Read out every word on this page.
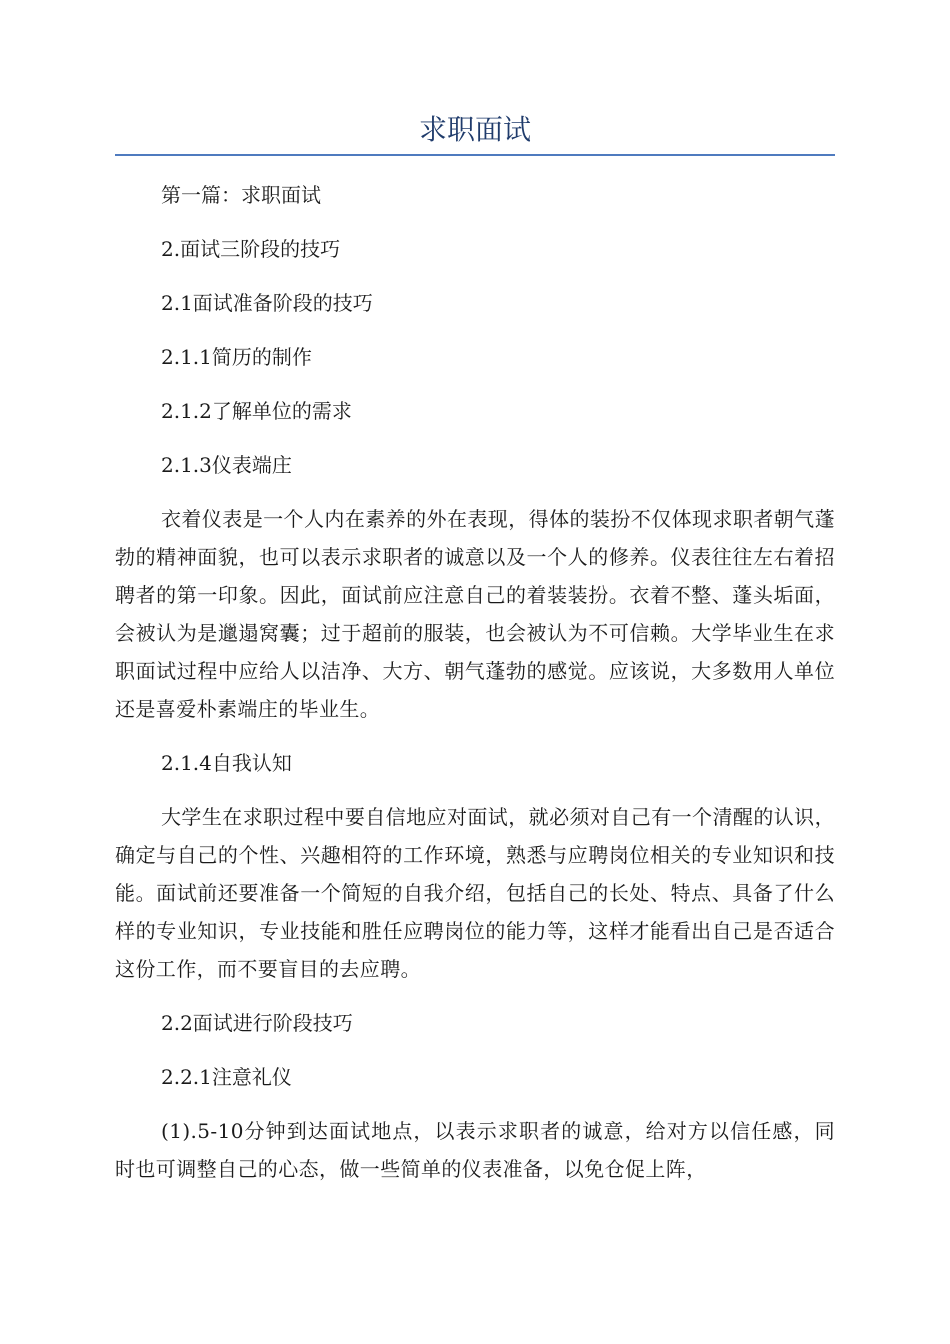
求职面试

第一篇：求职面试

2.面试三阶段的技巧

2.1面试准备阶段的技巧

2.1.1简历的制作

2.1.2了解单位的需求

2.1.3仪表端庄

衣着仪表是一个人内在素养的外在表现，得体的装扮不仅体现求职者朝气蓬勃的精神面貌，也可以表示求职者的诚意以及一个人的修养。仪表往往左右着招聘者的第一印象。因此，面试前应注意自己的着装装扮。衣着不整、蓬头垢面，会被认为是邋遢窝囊；过于超前的服装，也会被认为不可信赖。大学毕业生在求职面试过程中应给人以洁净、大方、朝气蓬勃的感觉。应该说，大多数用人单位还是喜爱朴素端庄的毕业生。

2.1.4自我认知

大学生在求职过程中要自信地应对面试，就必须对自己有一个清醒的认识，确定与自己的个性、兴趣相符的工作环境，熟悉与应聘岗位相关的专业知识和技能。面试前还要准备一个简短的自我介绍，包括自己的长处、特点、具备了什么样的专业知识，专业技能和胜任应聘岗位的能力等，这样才能看出自己是否适合这份工作，而不要盲目的去应聘。

2.2面试进行阶段技巧

2.2.1注意礼仪

(1).5-10分钟到达面试地点，以表示求职者的诚意，给对方以信任感，同时也可调整自己的心态，做一些简单的仪表准备，以免仓促上阵，
